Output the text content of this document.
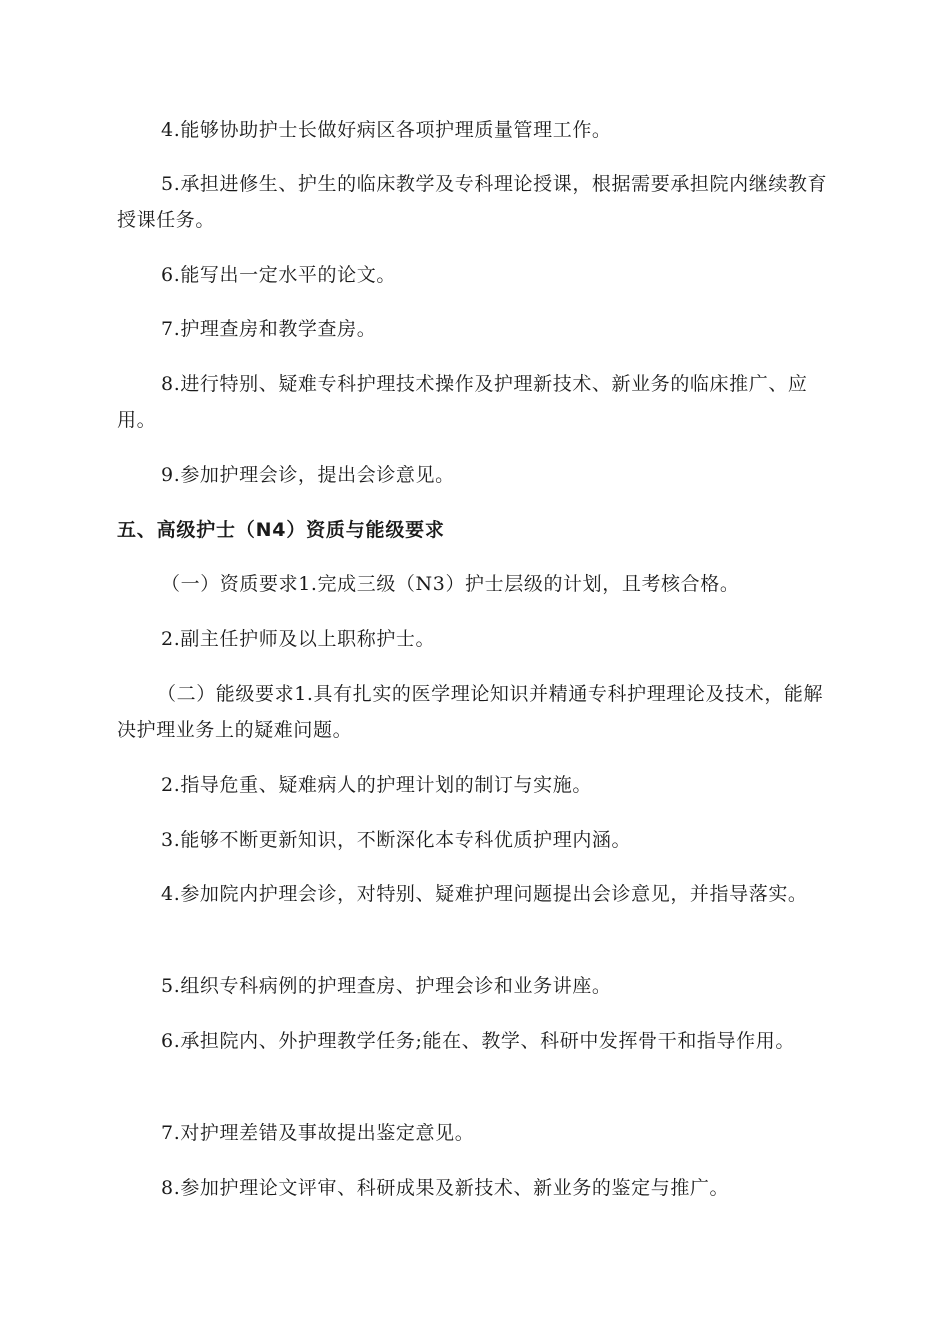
4.能够协助护士长做好病区各项护理质量管理工作。

5.承担进修生、护生的临床教学及专科理论授课，根据需要承担院内继续教育授课任务。

6.能写出一定水平的论文。

7.护理查房和教学查房。

8.进行特别、疑难专科护理技术操作及护理新技术、新业务的临床推广、应用。

9.参加护理会诊，提出会诊意见。

五、高级护士（N4）资质与能级要求

（一）资质要求1.完成三级（N3）护士层级的计划，且考核合格。

2.副主任护师及以上职称护士。

（二）能级要求1.具有扎实的医学理论知识并精通专科护理理论及技术，能解决护理业务上的疑难问题。

2.指导危重、疑难病人的护理计划的制订与实施。

3.能够不断更新知识，不断深化本专科优质护理内涵。

4.参加院内护理会诊，对特别、疑难护理问题提出会诊意见，并指导落实。

5.组织专科病例的护理查房、护理会诊和业务讲座。

6.承担院内、外护理教学任务;能在、教学、科研中发挥骨干和指导作用。

7.对护理差错及事故提出鉴定意见。

8.参加护理论文评审、科研成果及新技术、新业务的鉴定与推广。
